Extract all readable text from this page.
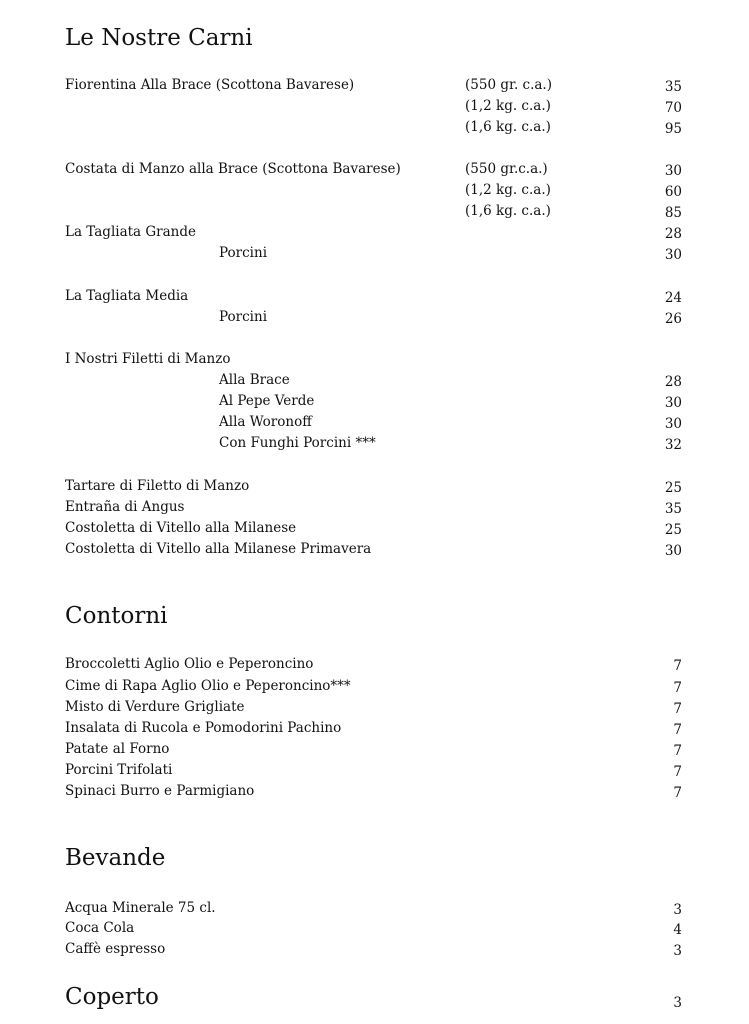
Le Nostre Carni
Fiorentina Alla Brace (Scottona Bavarese)	(550 gr. c.a.)	35
(1,2 kg. c.a.)	70
(1,6 kg. c.a.)	95
Costata di Manzo alla Brace (Scottona Bavarese)	(550 gr.c.a.)	30
(1,2 kg. c.a.)	60
(1,6 kg. c.a.)	85
La Tagliata Grande	28
Porcini	30
La Tagliata Media	24
Porcini	26
I Nostri Filetti di Manzo
Alla Brace	28
Al Pepe Verde	30
Alla Woronoff	30
Con Funghi Porcini ***	32
Tartare di Filetto di Manzo	25
Entraña di Angus	35
Costoletta di Vitello alla Milanese	25
Costoletta di Vitello alla Milanese Primavera	30
Contorni
Broccoletti Aglio Olio e Peperoncino	7
Cime di Rapa Aglio Olio e Peperoncino***	7
Misto di Verdure Grigliate	7
Insalata di Rucola e Pomodorini Pachino	7
Patate al Forno	7
Porcini Trifolati	7
Spinaci Burro e Parmigiano	7
Bevande
Acqua Minerale 75 cl.	3
Coca Cola	4
Caffè espresso	3
Coperto	3
